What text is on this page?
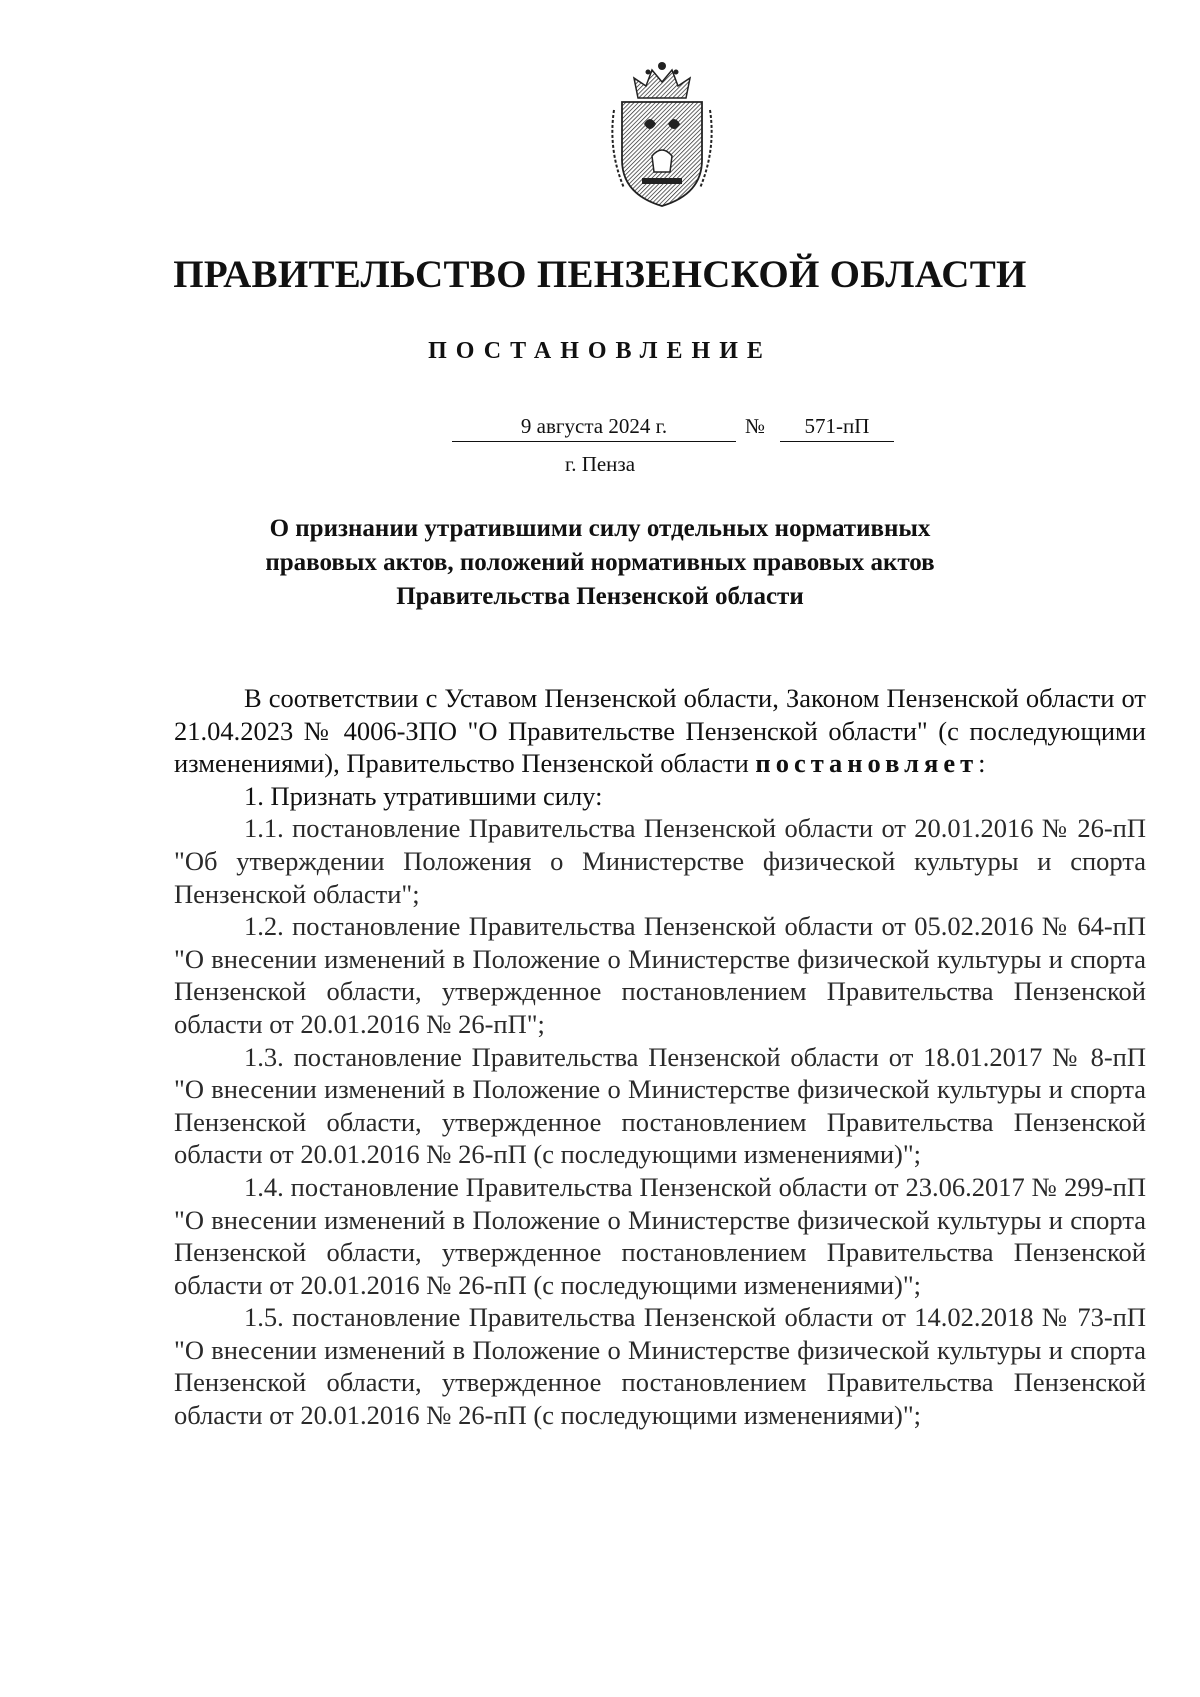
ПРАВИТЕЛЬСТВО ПЕНЗЕНСКОЙ ОБЛАСТИ
ПОСТАНОВЛЕНИЕ
9 августа 2024 г.	№	571-пП
г. Пенза
О признании утратившими силу отдельных нормативных
правовых актов, положений нормативных правовых актов
Правительства Пензенской области

В соответствии с Уставом Пензенской области, Законом Пензенской области от 21.04.2023 № 4006-ЗПО "О Правительстве Пензенской области" (с последующими изменениями), Правительство Пензенской области постановляет:

1. Признать утратившими силу:

1.1. постановление Правительства Пензенской области от 20.01.2016 № 26-пП "Об утверждении Положения о Министерстве физической культуры и спорта Пензенской области";

1.2. постановление Правительства Пензенской области от 05.02.2016 № 64-пП "О внесении изменений в Положение о Министерстве физической культуры и спорта Пензенской области, утвержденное постановлением Правительства Пензенской области от 20.01.2016 № 26-пП";

1.3. постановление Правительства Пензенской области от 18.01.2017 № 8-пП "О внесении изменений в Положение о Министерстве физической культуры и спорта Пензенской области, утвержденное постановлением Правительства Пензенской области от 20.01.2016 № 26-пП (с последующими изменениями)";

1.4. постановление Правительства Пензенской области от 23.06.2017 № 299-пП "О внесении изменений в Положение о Министерстве физической культуры и спорта Пензенской области, утвержденное постановлением Правительства Пензенской области от 20.01.2016 № 26-пП (с последующими изменениями)";

1.5. постановление Правительства Пензенской области от 14.02.2018 № 73-пП "О внесении изменений в Положение о Министерстве физической культуры и спорта Пензенской области, утвержденное постановлением Правительства Пензенской области от 20.01.2016 № 26-пП (с последующими изменениями)";
